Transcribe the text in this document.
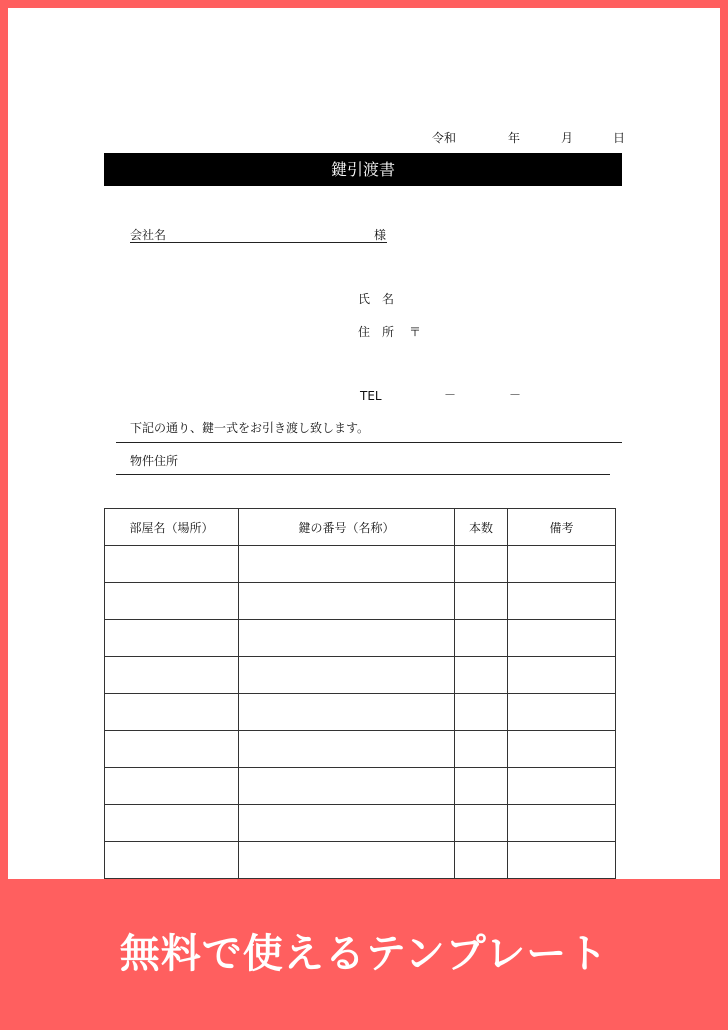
令和	年	月	日
鍵引渡書
会社名	様
氏　名
住　所 〒
TEL	－	－
下記の通り、鍵一式をお引き渡し致します。
物件住所
部屋名（場所）	鍵の番号（名称）	本数	備考

無料で使えるテンプレート
